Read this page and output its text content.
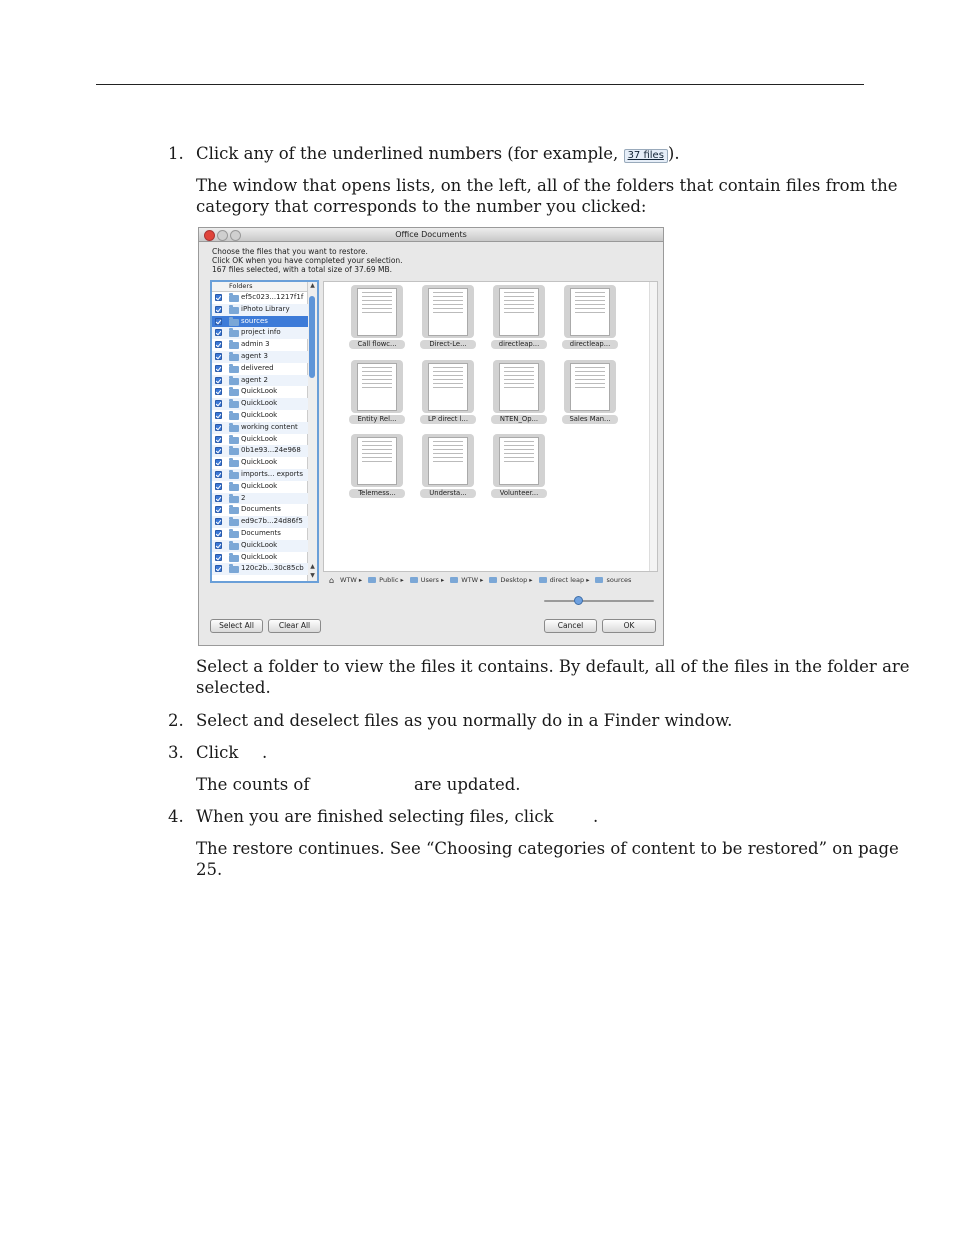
1. Click any of the underlined numbers (for example, 37 files ).
The window that opens lists, on the left, all of the folders that contain files from the
category that corresponds to the number you clicked:
Office Documents
Choose the files that you want to restore.
Click OK when you have completed your selection.
167 files selected, with a total size of 37.69 MB.
Folders	▲
▲
▼
ef5c023...1217f1f
iPhoto Library
sources
project info
admin 3
agent 3
delivered
agent 2
QuickLook
QuickLook
QuickLook
working content
QuickLook
0b1e93...24e968
QuickLook
imports... exports
QuickLook
2
Documents
ed9c7b...24d86f5
Documents
QuickLook
QuickLook
120c2b...30c85cb
Call flowc...	Direct-Le...	directleap...	directleap...
Entity Rel...	LP direct l...	NTEN_Op...	Sales Man...
Telemess...	Understa...	Volunteer...
⌂ WTW ▸	Public ▸	Users ▸	WTW ▸	Desktop ▸	direct leap ▸	sources
Select All	Clear All	Cancel	OK
Select a folder to view the files it contains. By default, all of the files in the folder are
selected.
2. Select and deselect files as you normally do in a Finder window.
3. Click .
The counts of	are updated.
4. When you are finished selecting files, click .
The restore continues. See “Choosing categories of content to be restored” on page
25.
